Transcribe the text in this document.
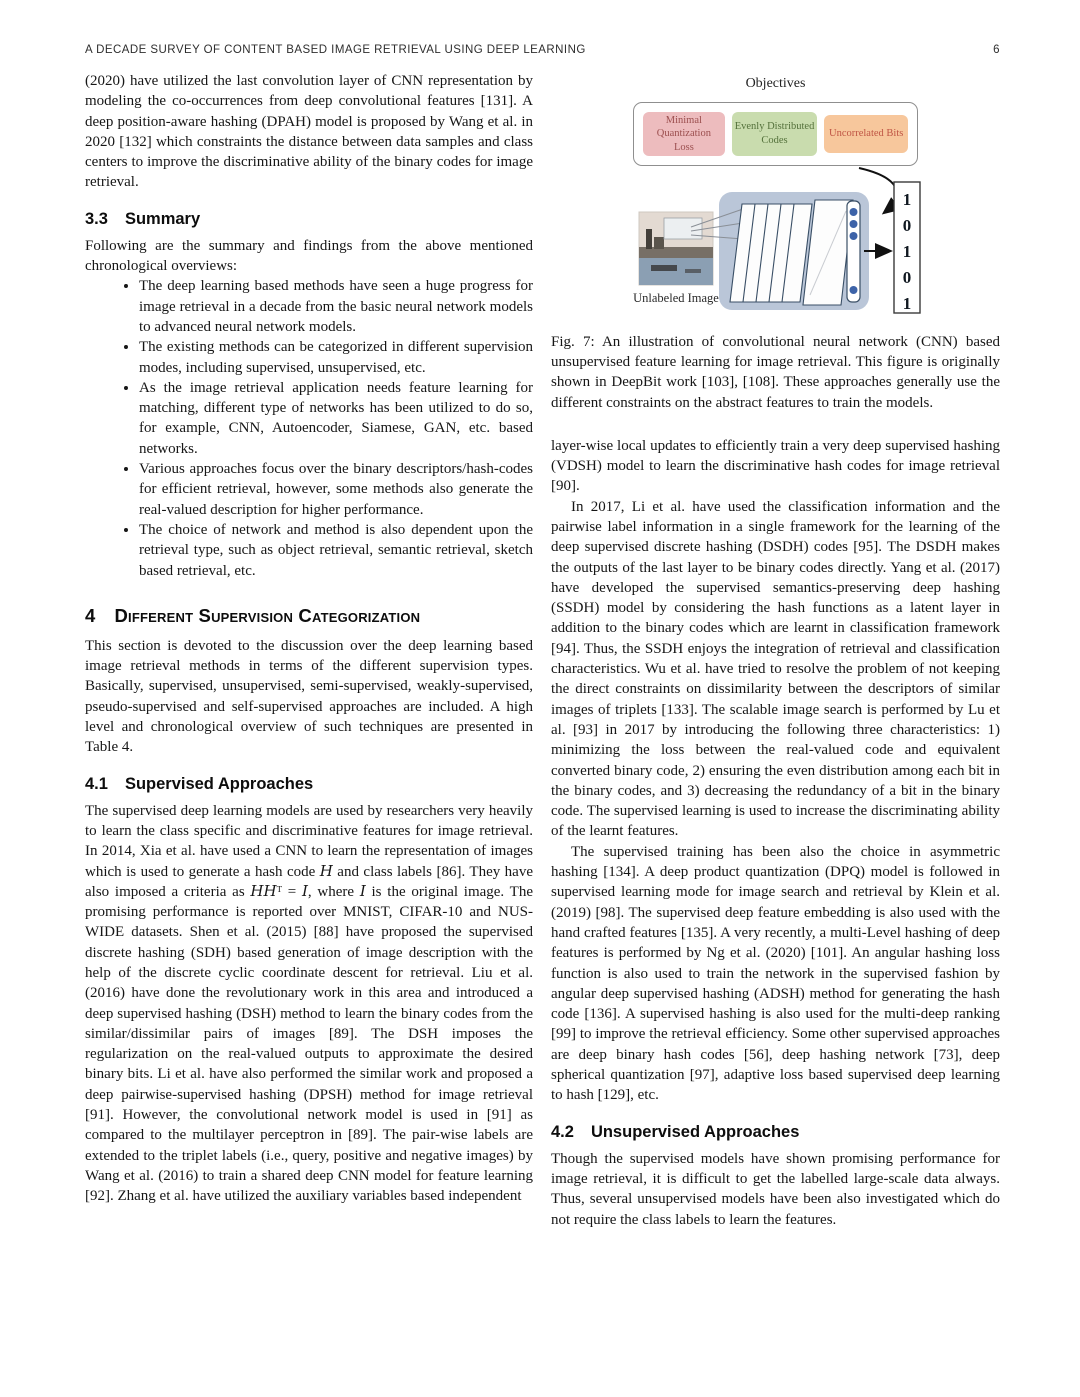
A DECADE SURVEY OF CONTENT BASED IMAGE RETRIEVAL USING DEEP LEARNING	6

(2020) have utilized the last convolution layer of CNN representation by modeling the co-occurrences from deep convolutional features [131]. A deep position-aware hashing (DPAH) model is proposed by Wang et al. in 2020 [132] which constraints the distance between data samples and class centers to improve the discriminative ability of the binary codes for image retrieval.

3.3 Summary

Following are the summary and findings from the above mentioned chronological overviews:

• The deep learning based methods have seen a huge progress for image retrieval in a decade from the basic neural network models to advanced neural network models.
• The existing methods can be categorized in different supervision modes, including supervised, unsupervised, etc.
• As the image retrieval application needs feature learning for matching, different type of networks has been utilized to do so, for example, CNN, Autoencoder, Siamese, GAN, etc. based networks.
• Various approaches focus over the binary descriptors/hash-codes for efficient retrieval, however, some methods also generate the real-valued description for higher performance.
• The choice of network and method is also dependent upon the retrieval type, such as object retrieval, semantic retrieval, sketch based retrieval, etc.
4 Different Supervision Categorization

This section is devoted to the discussion over the deep learning based image retrieval methods in terms of the different supervision types. Basically, supervised, unsupervised, semi-supervised, weakly-supervised, pseudo-supervised and self-supervised approaches are included. A high level and chronological overview of such techniques are presented in Table 4.

4.1 Supervised Approaches

The supervised deep learning models are used by researchers very heavily to learn the class specific and discriminative features for image retrieval. In 2014, Xia et al. have used a CNN to learn the representation of images which is used to generate a hash code 𝐻 and class labels [86]. They have also imposed a criteria as 𝐻𝐻ᵀ = 𝐼, where 𝐼 is the original image. The promising performance is reported over MNIST, CIFAR-10 and NUS-WIDE datasets. Shen et al. (2015) [88] have proposed the supervised discrete hashing (SDH) based generation of image description with the help of the discrete cyclic coordinate descent for retrieval. Liu et al. (2016) have done the revolutionary work in this area and introduced a deep supervised hashing (DSH) method to learn the binary codes from the similar/dissimilar pairs of images [89]. The DSH imposes the regularization on the real-valued outputs to approximate the desired binary bits. Li et al. have also performed the similar work and proposed a deep pairwise-supervised hashing (DPSH) method for image retrieval [91]. However, the convolutional network model is used in [91] as compared to the multilayer perceptron in [89]. The pair-wise labels are extended to the triplet labels (i.e., query, positive and negative images) by Wang et al. (2016) to train a shared deep CNN model for feature learning [92]. Zhang et al. have utilized the auxiliary variables based independent

1
0
1
0
1
Unlabeled Image
Objectives
Minimal Quantization Loss
Evenly Distributed Codes
Uncorrelated Bits
Fig. 7: An illustration of convolutional neural network (CNN) based unsupervised feature learning for image retrieval. This figure is originally shown in DeepBit work [103], [108]. These approaches generally use the different constraints on the abstract features to train the models.

layer-wise local updates to efficiently train a very deep supervised hashing (VDSH) model to learn the discriminative hash codes for image retrieval [90].

In 2017, Li et al. have used the classification information and the pairwise label information in a single framework for the learning of the deep supervised discrete hashing (DSDH) codes [95]. The DSDH makes the outputs of the last layer to be binary codes directly. Yang et al. (2017) have developed the supervised semantics-preserving deep hashing (SSDH) model by considering the hash functions as a latent layer in addition to the binary codes which are learnt in classification framework [94]. Thus, the SSDH enjoys the integration of retrieval and classification characteristics. Wu et al. have tried to resolve the problem of not keeping the direct constraints on dissimilarity between the descriptors of similar images of triplets [133]. The scalable image search is performed by Lu et al. [93] in 2017 by introducing the following three characteristics: 1) minimizing the loss between the real-valued code and equivalent converted binary code, 2) ensuring the even distribution among each bit in the binary codes, and 3) decreasing the redundancy of a bit in the binary code. The supervised learning is used to increase the discriminating ability of the learnt features.

The supervised training has been also the choice in asymmetric hashing [134]. A deep product quantization (DPQ) model is followed in supervised learning mode for image search and retrieval by Klein et al. (2019) [98]. The supervised deep feature embedding is also used with the hand crafted features [135]. A very recently, a multi-Level hashing of deep features is performed by Ng et al. (2020) [101]. An angular hashing loss function is also used to train the network in the supervised fashion by angular deep supervised hashing (ADSH) method for generating the hash code [136]. A supervised hashing is also used for the multi-deep ranking [99] to improve the retrieval efficiency. Some other supervised approaches are deep binary hash codes [56], deep hashing network [73], deep spherical quantization [97], adaptive loss based supervised deep learning to hash [129], etc.

4.2 Unsupervised Approaches

Though the supervised models have shown promising performance for image retrieval, it is difficult to get the labelled large-scale data always. Thus, several unsupervised models have been also investigated which do not require the class labels to learn the features.
